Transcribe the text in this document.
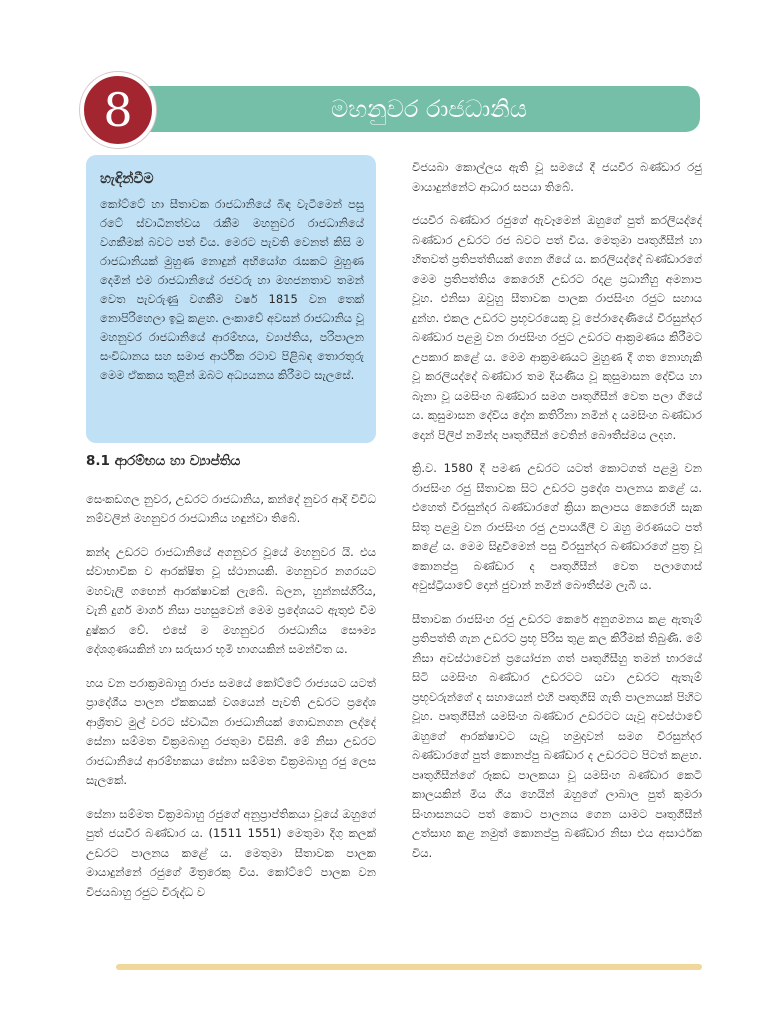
මහනුවර රාජධානිය
8

හැඳින්වීම

කෝට්ටේ හා සීතාවක රාජධානියේ බිඳ වැටීමෙන් පසු රටේ ස්වාධීනත්වය රැකීම මහනුවර රාජධානියේ වගකීමක් බවට පත් විය. මෙරට පැවති වෙනත් කිසි ම රාජධානියක් මුහුණ නොදුන් අභියෝග රැසකට මුහුණ දෙමින් එම රාජධානියේ රජවරු හා මහජනතාව තමන් වෙත පැවරුණු වගකීම වර්ෂ 1815 වන තෙක් නොපිරිහෙලා ඉටු කළහ. ලංකාවේ අවසන් රාජධානිය වූ මහනුවර රාජධානියේ ආරම්භය, ව්‍යාප්තිය, පරිපාලන සංවිධානය සහ සමාජ ආර්ථික රටාව පිළිබඳ තොරතුරු මෙම ඒකකය තුළින් ඔබට අධ්‍යයනය කිරීමට සැලසේ.

8.1 ආරම්භය හා ව්‍යාප්තිය

සෙංකඩගල නුවර, උඩරට රාජධානිය, කන්දේ නුවර ආදි විවිධ නම්වලින් මහනුවර රාජධානිය හඳුන්වා තිබේ.

කන්ද උඩරට රාජධානියේ අගනුවර වූයේ මහනුවර යි. එය ස්වාභාවික ව ආරක්ෂිත වූ ස්ථානයකි. මහනුවර නගරයට මහවැලි ගඟෙන් ආරක්ෂාවක් ලැබේ. බලන, හුන්නස්ගිරිය, වැනි දුර්ග මාර්ග නිසා පහසුවෙන් මෙම ප්‍රදේශයට ඇතුළු වීම දුෂ්කර වේ. එසේ ම මහනුවර රාජධානිය සෞම්‍ය දේශගුණයකින් හා සරුසාර භූමි භාගයකින් සමන්විත ය.

හය වන පරාක්‍රමබාහු රාජ්‍ය සමයේ කෝට්ටේ රාජ්‍යයට යටත් ප්‍රාදේශීය පාලන ඒකකයක් වශයෙන් පැවති උඩරට ප්‍රදේශ ආශ්‍රිතව මුල් වරට ස්වාධීන රාජධානියක් ගොඩනගන ලද්දේ සේනා සම්මත වික්‍රමබාහු රජතුමා විසිනි. මේ නිසා උඩරට රාජධානියේ ආරම්භකයා සේනා සම්මත වික්‍රමබාහු රජු ලෙස සැලකේ.

සේනා සම්මත වික්‍රමබාහු රජුගේ අනුප්‍රාප්තිකයා වූයේ ඔහුගේ පුත් ජයවීර බණ්ඩාර ය. (1511 1551) මෙතුමා දිගු කලක් උඩරට පාලනය කළේ ය. මෙතුමා සීතාවක පාලක මායාදුන්නේ රජුගේ මිත්‍රරෙකු විය. කෝට්ටේ පාලක වන විජයබාහු රජුට විරුද්ධ ව

විජයබා කොල්ලය ඇති වූ සමයේ දී ජයවීර බණ්ඩාර රජු මායාදුන්නේට ආධාර සපයා තිබේ.

ජයවීර බණ්ඩාර රජුගේ ඇවෑමෙන් ඔහුගේ පුත් කරලියද්දේ බණ්ඩාර උඩරට රජ බවට පත් විය. මෙතුමා පෘතුගීසීන් හා හිතවත් ප්‍රතිපත්තියක් ගෙන ගියේ ය. කරලියද්දේ බණ්ඩාරගේ මෙම ප්‍රතිපත්තිය කෙරෙහි උඩරට රදළ ප්‍රධානීහු අමනාප වූහ. එනිසා ඔවුහු සීතාවක පාලක රාජසිංහ රජුට සහාය දුන්හ. එකල උඩරට ප්‍රභූවරයෙකු වූ පේරාදෙණියේ වීරසුන්දර බණ්ඩාර පළමු වන රාජසිංහ රජුට උඩරට ආක්‍රමණය කිරීමට උපකාර කළේ ය. මෙම ආක්‍රමණයට මුහුණ දී ගත නොහැකි වූ කරලියද්දේ බණ්ඩාර තම දියණිය වූ කුසුමාසන දේවිය හා බෑනා වූ යමසිංහ බණ්ඩාර සමග පෘතුගීසීන් වෙත පලා ගියේ ය. කුසුමාසන දේවිය දෝන කතිරිනා නමින් ද යමසිංහ බණ්ඩාර දොන් පිලිප් නමින්ද පෘතුගීසීන් වෙතින් බෞතීස්මය ලදහ.

ක්‍රි.ව. 1580 දී පමණ උඩරට යටත් කොටගත් පළමු වන රාජසිංහ රජු සීතාවක සිට උඩරට ප්‍රදේශ පාලනය කළේ ය. එහෙත් වීරසුන්දර බණ්ඩාරගේ ක්‍රියා කලාපය කෙරෙහි සැක සිතූ පළමු වන රාජසිංහ රජු උපායශීලී ව ඔහු මරණයට පත් කළේ ය. මෙම සිදුවීමෙන් පසු වීරසුන්දර බණ්ඩාරගේ පුත්‍ර වූ කොනප්පු බණ්ඩාර ද පෘතුගීසීන් වෙත පලාගොස් අවුස්ට්‍රියාවේ දොන් ජුවාන් නමින් බෞතීස්ම ලැබී ය.

සීතාවක රාජසිංහ රජු උඩරට කෙරේ අනුගමනය කළ ඇතැම් ප්‍රතිපත්ති ගැන උඩරට ප්‍රභූ පිරිස තුළ කල කිරීමක් තිබුණි. මේ නිසා අවස්ථාවෙන් ප්‍රයෝජන ගත් පෘතුගීසීහු තමන් භාරයේ සිටි යමසිංහ බණ්ඩාර උඩරටට යවා උඩරට ඇතැම් ප්‍රභූවරුන්ගේ ද සහායෙන් එහි පෘතුගීසි ගැති පාලනයක් පිහිට වූහ. පෘතුගීසීන් යමසිංහ බණ්ඩාර උඩරටට යැවූ අවස්ථාවේ ඔහුගේ ආරක්ෂාවට යැවූ හමුදාවන් සමග වීරසුන්දර බණ්ඩාරගේ පුත් කොනප්පු බණ්ඩාර ද උඩරටට පිටත් කළහ. පෘතුගීසීන්ගේ රූකඩ පාලකයා වූ යමසිංහ බණ්ඩාර කෙටි කාලයකින් මිය ගිය හෙයින් ඔහුගේ ලාබාල පුත් කුමරා සිංහාසනයට පත් කොට පාලනය ගෙන යාමට පෘතුගීසීන් උත්සාහ කළ නමුත් කොනප්පු බණ්ඩාර නිසා එය අසාර්ථක විය.
